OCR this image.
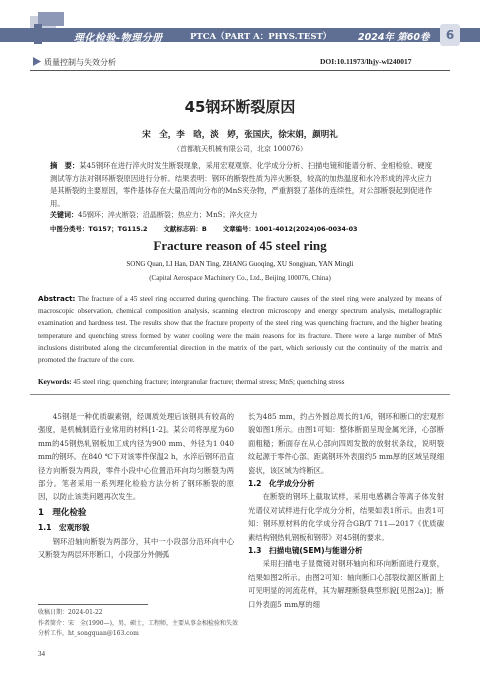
理化检验-物理分册	PTCA（PART A：PHYS.TEST）	2024年 第60卷	6
质量控制与失效分析	DOI:10.11973/lhjy-wl240017
45钢环断裂原因
宋　全，李　晗，淡　婷，张国庆，徐宋娟，颜明礼
（首都航天机械有限公司，北京 100076）
摘　要：某45钢环在进行淬火时发生断裂现象，采用宏观观察、化学成分分析、扫描电镜和能谱分析、金相检验、硬度测试等方法对钢环断裂原因进行分析。结果表明：钢环的断裂性质为淬火断裂，较高的加热温度和水冷形成的淬火应力是其断裂的主要原因，零件基体存在大量沿周向分布的MnS夹杂物，严重割裂了基体的连续性，对公部断裂起到促进作用。
关键词：45钢环；淬火断裂；沿晶断裂；热应力；MnS；淬火应力
中图分类号：TG157；TG115.2	文献标志码：B	文章编号：1001-4012(2024)06-0034-03
Fracture reason of 45 steel ring
SONG Quan, LI Han, DAN Ting, ZHANG Guoqing, XU Songjuan, YAN Mingli
(Capital Aerospace Machinery Co., Ltd., Beijing 100076, China)
Abstract: The fracture of a 45 steel ring occurred during quenching. The fracture causes of the steel ring were analyzed by means of macroscopic observation, chemical composition analysis, scanning electron microscopy and energy spectrum analysis, metallographic examination and hardness test. The results show that the fracture property of the steel ring was quenching fracture, and the higher heating temperature and quenching stress formed by water cooling were the main reasons for its fracture. There were a large number of MnS inclusions distributed along the circumferential direction in the matrix of the part, which seriously cut the continuity of the matrix and promoted the fracture of the core.
Keywords: 45 steel ring; quenching fracture; intergranular fracture; thermal stress; MnS; quenching stress

45钢是一种优质碳素钢，经调质处理后该钢具有较高的强度，是机械制造行业常用的材料[1-2]。某公司将厚度为60 mm的45钢热轧钢板加工成内径为900 mm、外径为1 040 mm的钢环。在840 ℃下对该零件保温2 h，水淬后钢环沿直径方向断裂为两段，零件小段中心位置沿环向均匀断裂为两部分。笔者采用一系列理化检验方法分析了钢环断裂的原因，以防止该类问题再次发生。

1　理化检验
1.1　宏观形貌

钢环沿轴向断裂为两部分，其中一小段部分沿环向中心又断裂为两层环形断口，小段部分外侧弧

长为485 mm，约占外圆总周长的1/6，钢环和断口的宏观形貌如图1所示。由图1可知：整体断面呈现金属光泽，心部断面粗糙；断面存在从心部向四周发散的放射状条纹，说明裂纹起源于零件心部。距离钢环外表面约5 mm厚的区域呈现细瓷状，该区域为终断区。

1.2　化学成分分析

在断裂的钢环上截取试样，采用电感耦合等离子体发射光谱仪对试样进行化学成分分析，结果如表1所示。由表1可知：钢环原材料的化学成分符合GB/T 711—2017《优质碳素结构钢热轧钢板和钢带》对45钢的要求。

1.3　扫描电镜(SEM)与能谱分析

采用扫描电子显微镜对钢环轴向和环向断面进行观察，结果如图2所示。由图2可知：轴向断口心部裂纹源区断面上可见明显的河流花样，其为解理断裂典型形貌[见图2a)]；断口外表面5 mm厚的细

收稿日期：2024-01-22
作者简介：宋　全(1990—)，男，硕士，工程师，主要从事金相检验和失效分析工作，ht_songquan@163.com
34
